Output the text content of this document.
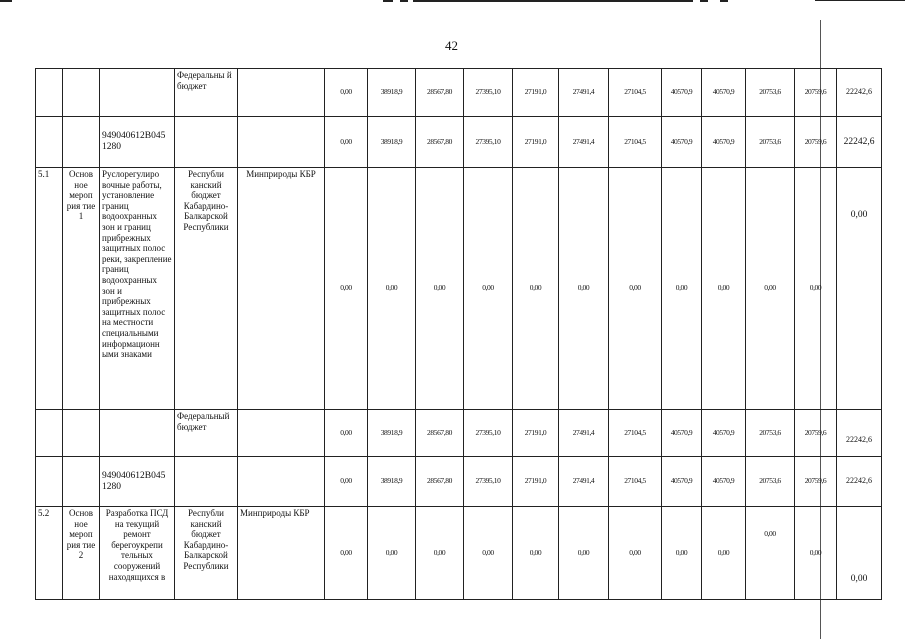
42
			Федеральны й бюджет		0,00	38918,9	28567,80	27395,10	27191,0	27491,4	27104,5	40570,9	40570,9	20753,6	20759,6	22242,6
		949040612В045 1280			0,00	38918,9	28567,80	27395,10	27191,0	27491,4	27104,5	40570,9	40570,9	20753,6	20759,6	22242,6
5.1	Основ ное мероп рия тие 1	Руслорегулиро вочные работы, установление границ водоохранных зон и границ прибрежных защитных полос реки, закрепление границ водоохранных зон и прибрежных защитных полос на местности специальными информационн ыми знаками	Республи канский бюджет Кабардино-Балкарской Республики	Минприроды КБР	0,00	0,00	0,00	0,00	0,00	0,00	0,00	0,00	0,00	0,00	0,00	0,00
			Федеральный бюджет		0,00	38918,9	28567,80	27395,10	27191,0	27491,4	27104,5	40570,9	40570,9	20753,6	20759,6	22242,6
		949040612В045 1280			0,00	38918,9	28567,80	27395,10	27191,0	27491,4	27104,5	40570,9	40570,9	20753,6	20759,6	22242,6
5.2	Основ ное мероп рия тие 2	Разработка ПСД на текущий ремонт берегоукрепи тельных сооружений находящихся в	Республи канский бюджет Кабардино-Балкарской Республики	Минприроды КБР	0,00	0,00	0,00	0,00	0,00	0,00	0,00	0,00	0,00	0,00	0,00	0,00
